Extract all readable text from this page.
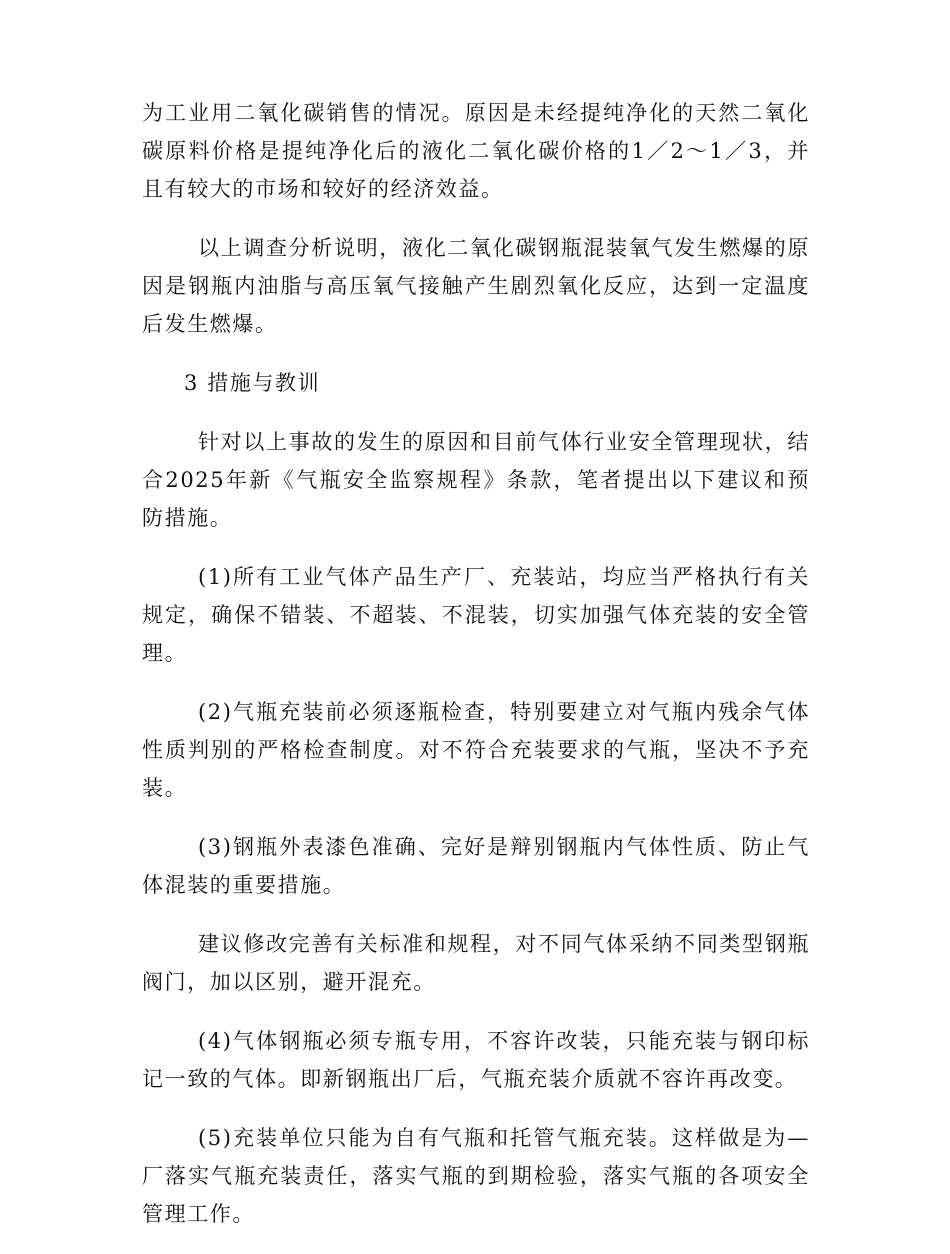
为工业用二氧化碳销售的情况。原因是未经提纯净化的天然二氧化碳原料价格是提纯净化后的液化二氧化碳价格的1／2～1／3，并且有较大的市场和较好的经济效益。

以上调查分析说明，液化二氧化碳钢瓶混装氧气发生燃爆的原因是钢瓶内油脂与高压氧气接触产生剧烈氧化反应，达到一定温度后发生燃爆。

3 措施与教训

针对以上事故的发生的原因和目前气体行业安全管理现状，结合2025年新《气瓶安全监察规程》条款，笔者提出以下建议和预防措施。

(1)所有工业气体产品生产厂、充装站，均应当严格执行有关规定，确保不错装、不超装、不混装，切实加强气体充装的安全管理。

(2)气瓶充装前必须逐瓶检查，特别要建立对气瓶内残余气体性质判别的严格检查制度。对不符合充装要求的气瓶，坚决不予充装。

(3)钢瓶外表漆色准确、完好是辩别钢瓶内气体性质、防止气体混装的重要措施。

建议修改完善有关标准和规程，对不同气体采纳不同类型钢瓶阀门，加以区别，避开混充。

(4)气体钢瓶必须专瓶专用，不容许改装，只能充装与钢印标记一致的气体。即新钢瓶出厂后，气瓶充装介质就不容许再改变。

(5)充装单位只能为自有气瓶和托管气瓶充装。这样做是为—厂落实气瓶充装责任，落实气瓶的到期检验，落实气瓶的各项安全管理工作。
